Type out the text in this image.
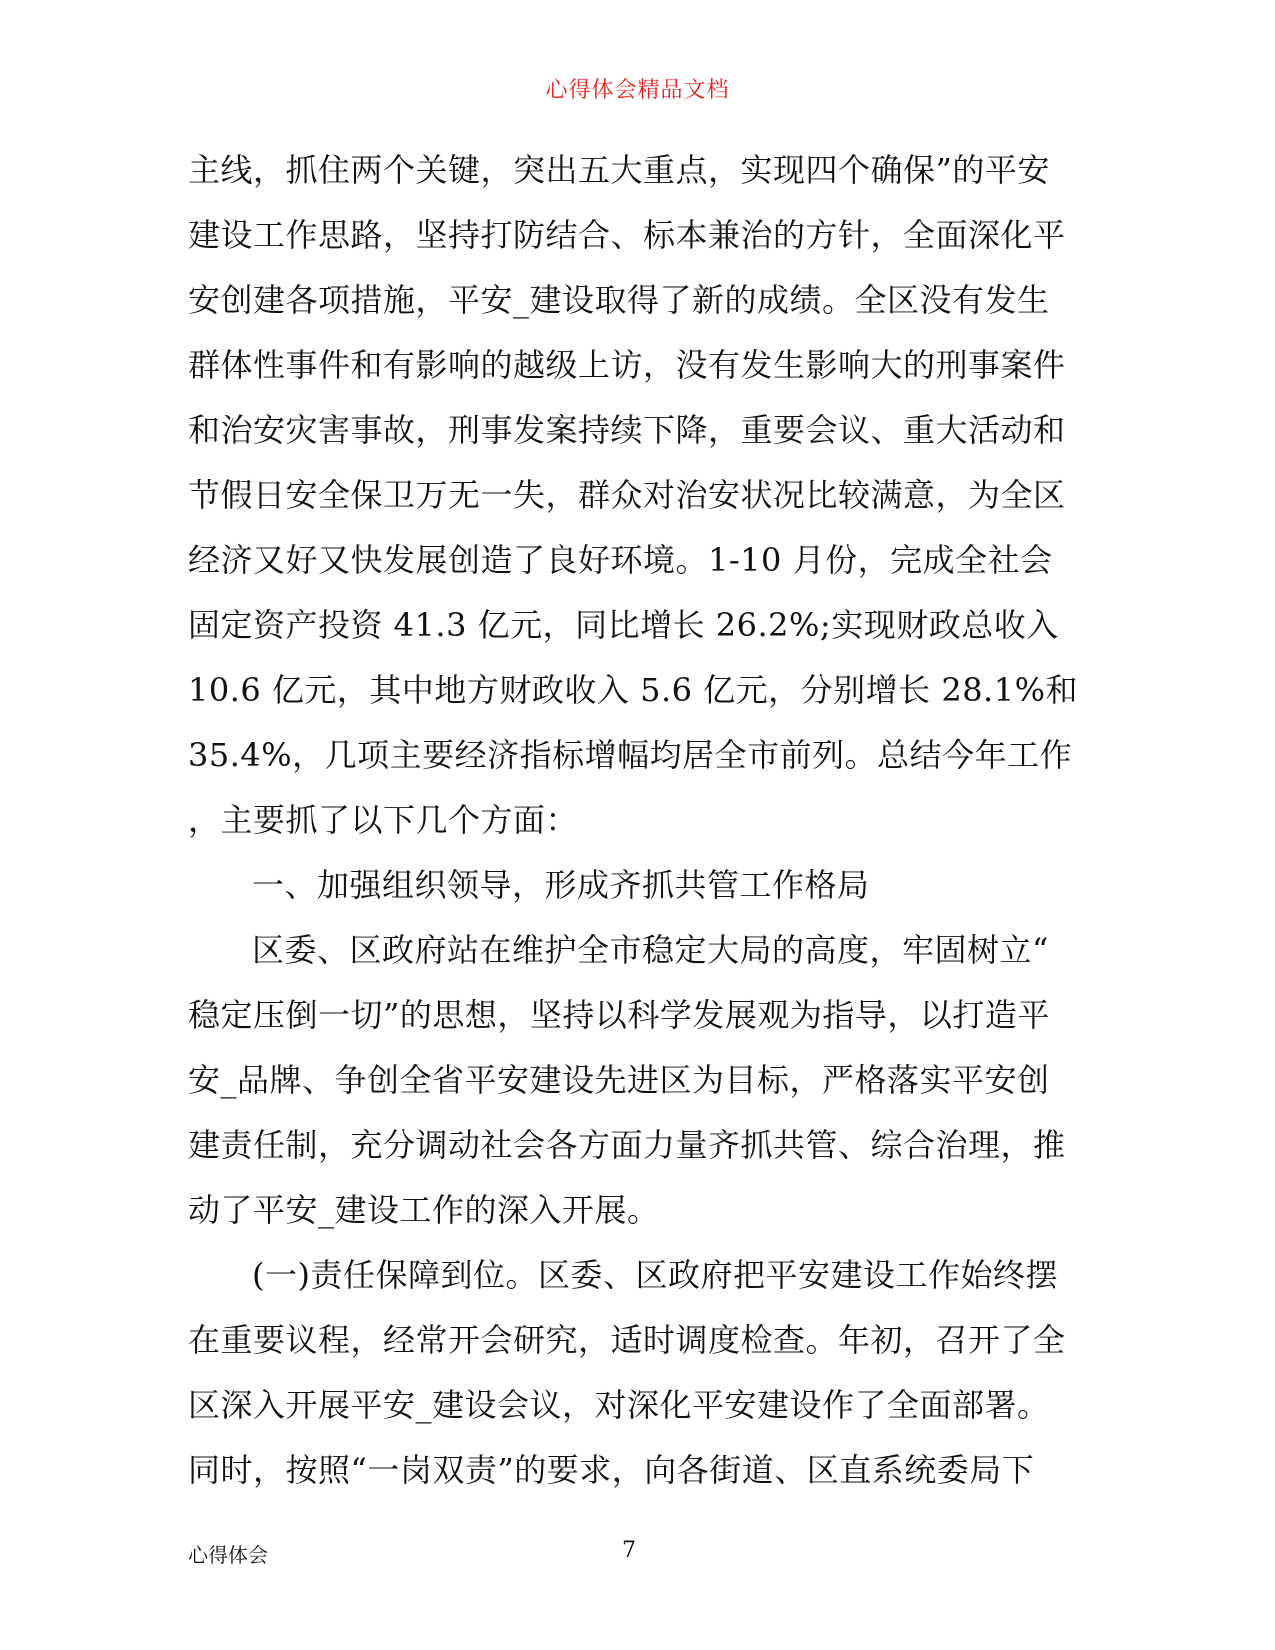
心得体会精品文档
主线，抓住两个关键，突出五大重点，实现四个确保”的平安
建设工作思路，坚持打防结合、标本兼治的方针，全面深化平
安创建各项措施，平安_建设取得了新的成绩。全区没有发生
群体性事件和有影响的越级上访，没有发生影响大的刑事案件
和治安灾害事故，刑事发案持续下降，重要会议、重大活动和
节假日安全保卫万无一失，群众对治安状况比较满意，为全区
经济又好又快发展创造了良好环境。1-10 月份，完成全社会
固定资产投资 41.3 亿元，同比增长 26.2%;实现财政总收入
10.6 亿元，其中地方财政收入 5.6 亿元，分别增长 28.1%和
35.4%，几项主要经济指标增幅均居全市前列。总结今年工作
，主要抓了以下几个方面：
一、加强组织领导，形成齐抓共管工作格局
区委、区政府站在维护全市稳定大局的高度，牢固树立“
稳定压倒一切”的思想，坚持以科学发展观为指导，以打造平
安_品牌、争创全省平安建设先进区为目标，严格落实平安创
建责任制，充分调动社会各方面力量齐抓共管、综合治理，推
动了平安_建设工作的深入开展。
(一)责任保障到位。区委、区政府把平安建设工作始终摆
在重要议程，经常开会研究，适时调度检查。年初，召开了全
区深入开展平安_建设会议，对深化平安建设作了全面部署。
同时，按照“一岗双责”的要求，向各街道、区直系统委局下
心得体会	7
